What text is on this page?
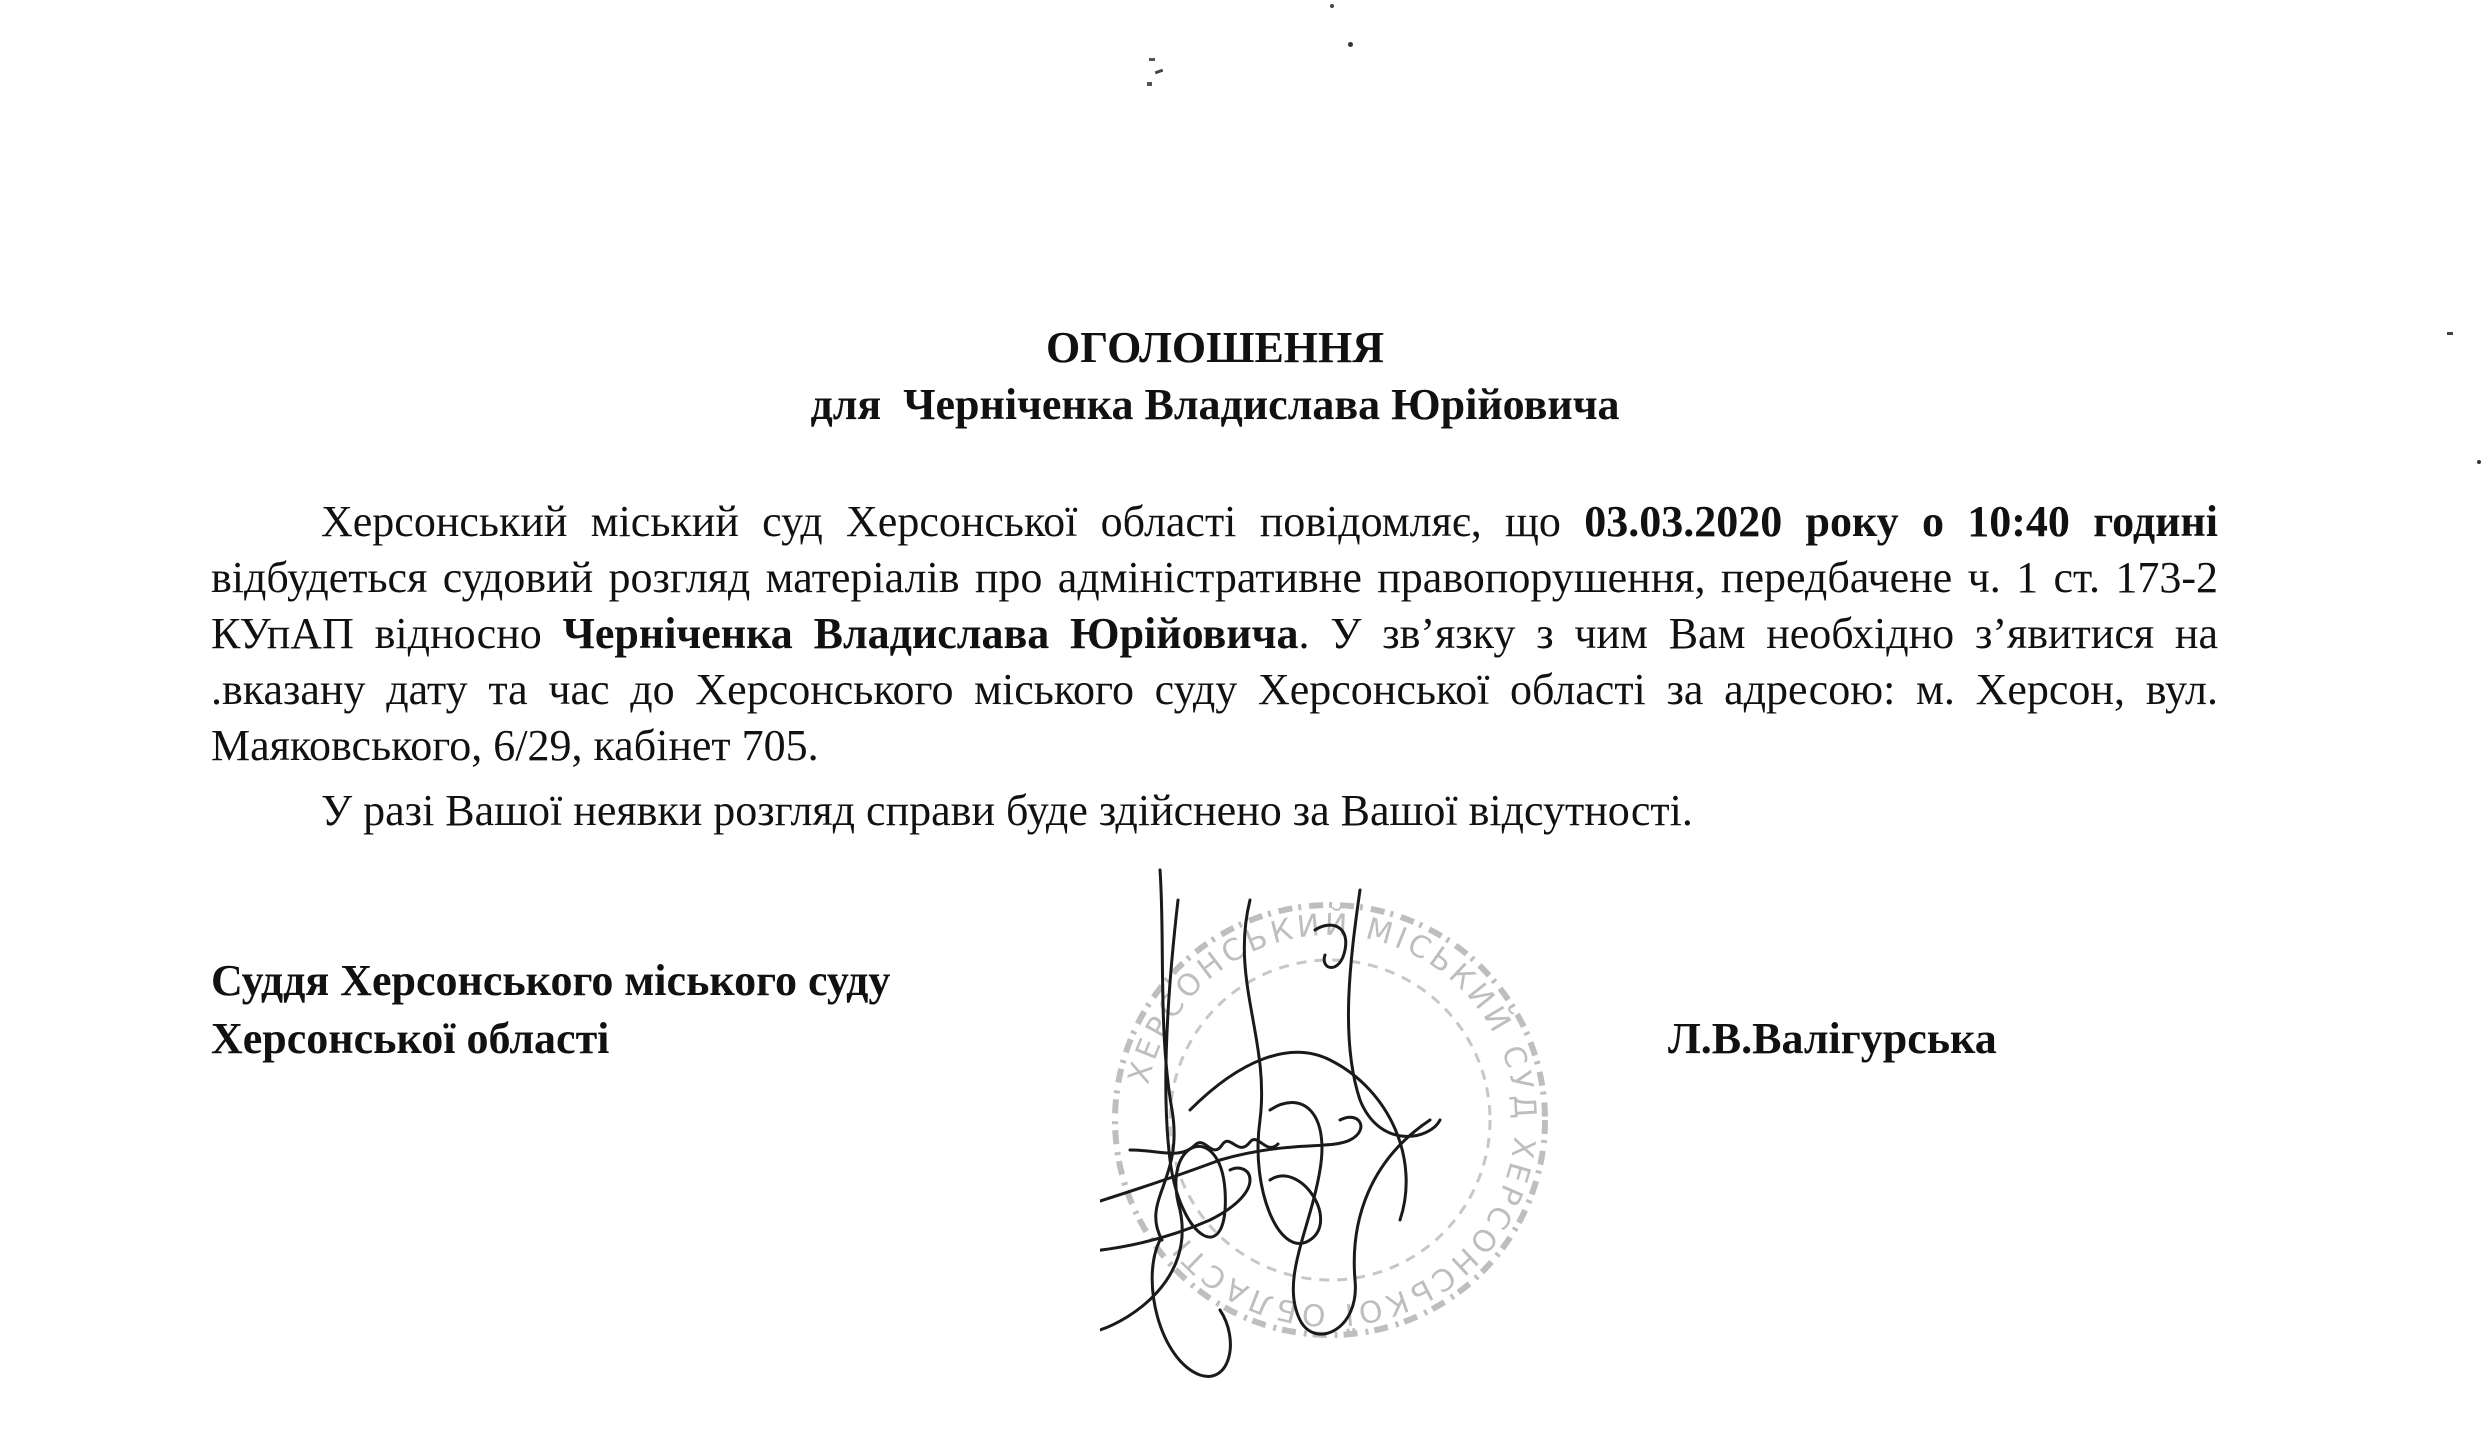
ОГОЛОШЕННЯ
для Черніченка Владислава Юрійовича

Херсонський міський суд Херсонської області повідомляє, що 03.03.2020 року о 10:40 годині відбудеться судовий розгляд матеріалів про адміністративне правопорушення, передбачене ч. 1 ст. 173-2 КУпАП відносно Черніченка Владислава Юрійовича. У зв’язку з чим Вам необхідно з’явитися на .вказану дату та час до Херсонського міського суду Херсонської області за адресою: м. Херсон, вул. Маяковського, 6/29, кабінет 705.

У разі Вашої неявки розгляд справи буде здійснено за Вашої відсутності.

Суддя Херсонського міського суду
Херсонської області	Л.В.Валігурська
ХЕРСОНСЬКИЙ МІСЬКИЙ СУД ХЕРСОНСЬКОЇ ОБЛАСТІ
